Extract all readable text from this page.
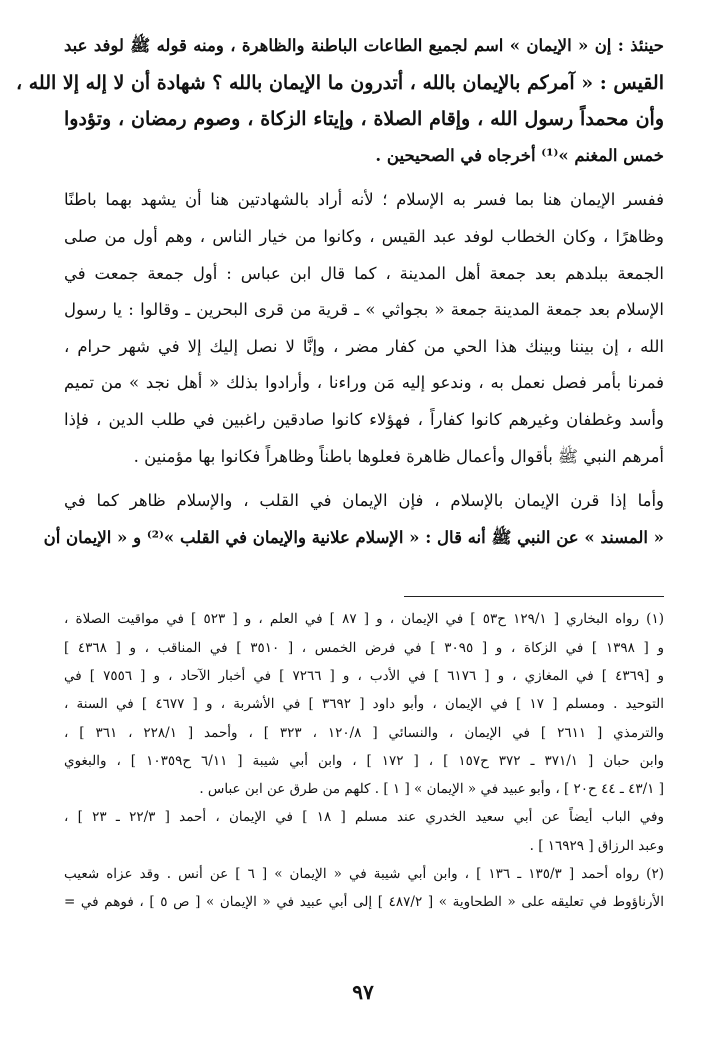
حينئذ : إن « الإيمان » اسم لجميع الطاعات الباطنة والظاهرة ، ومنه قوله ﷺ لوفد عبد
القيس : « آمركم بالإيمان بالله ، أتدرون ما الإيمان بالله ؟ شهادة أن لا إله إلا الله ،
وأن محمداً رسول الله ، وإقام الصلاة ، وإيتاء الزكاة ، وصوم رمضان ، وتؤدوا
خمس المغنم »⁽¹⁾ أخرجاه في الصحيحين .
ففسر الإيمان هنا بما فسر به الإسلام ؛ لأنه أراد بالشهادتين هنا أن يشهد بهما باطنًا
وظاهرًا ، وكان الخطاب لوفد عبد القيس ، وكانوا من خيار الناس ، وهم أول من صلى
الجمعة ببلدهم بعد جمعة أهل المدينة ، كما قال ابن عباس : أول جمعة جمعت في
الإسلام بعد جمعة المدينة جمعة « بجواثي » ـ قرية من قرى البحرين ـ وقالوا : يا رسول
الله ، إن بيننا وبينك هذا الحي من كفار مضر ، وإنَّا لا نصل إليك إلا في شهر حرام ،
فمرنا بأمر فصل نعمل به ، وندعو إليه مَن وراءنا ، وأرادوا بذلك « أهل نجد » من تميم
وأسد وغطفان وغيرهم كانوا كفاراً ، فهؤلاء كانوا صادقين راغبين في طلب الدين ، فإذا
أمرهم النبي ﷺ بأقوال وأعمال ظاهرة فعلوها باطناً وظاهراً فكانوا بها مؤمنين .
وأما إذا قرن الإيمان بالإسلام ، فإن الإيمان في القلب ، والإسلام ظاهر كما في
« المسند » عن النبي ﷺ أنه قال : « الإسلام علانية والإيمان في القلب »⁽²⁾ و « الإيمان أن
(١) رواه البخاري [ ١٢٩/١ ح٥٣ ] في الإيمان ، و [ ٨٧ ] في العلم ، و [ ٥٢٣ ] في مواقيت الصلاة ،
و [ ١٣٩٨ ] في الزكاة ، و [ ٣٠٩٥ ] في فرض الخمس ، [ ٣٥١٠ ] في المناقب ، و [ ٤٣٦٨ ]
و [٤٣٦٩ ] في المغازي ، و [ ٦١٧٦ ] في الأدب ، و [ ٧٢٦٦ ] في أخبار الآحاد ، و [ ٧٥٥٦ ] في
التوحيد . ومسلم [ ١٧ ] في الإيمان ، وأبو داود [ ٣٦٩٢ ] في الأشربة ، و [ ٤٦٧٧ ] في السنة ،
والترمذي [ ٢٦١١ ] في الإيمان ، والنسائي [ ١٢٠/٨ ، ٣٢٣ ] ، وأحمد [ ٢٢٨/١ ، ٣٦١ ] ،
وابن حبان [ ٣٧١/١ ـ ٣٧٢ ح١٥٧ ] ، [ ١٧٢ ] ، وابن أبي شيبة [ ٦/١١ ح١٠٣٥٩ ] ، والبغوي
[ ٤٣/١ ـ ٤٤ ح٢٠ ] ، وأبو عبيد في « الإيمان » [ ١ ] . كلهم من طرق عن ابن عباس .
وفي الباب أيضاً عن أبي سعيد الخدري عند مسلم [ ١٨ ] في الإيمان ، أحمد [ ٢٢/٣ ـ ٢٣ ] ،
وعبد الرزاق [ ١٦٩٢٩ ] .
(٢) رواه أحمد [ ١٣٥/٣ ـ ١٣٦ ] ، وابن أبي شيبة في « الإيمان » [ ٦ ] عن أنس . وقد عزاه شعيب
الأرناؤوط في تعليقه على « الطحاوية » [ ٤٨٧/٢ ] إلى أبي عبيد في « الإيمان » [ ص ٥ ] ، فوهم في =
٩٧
